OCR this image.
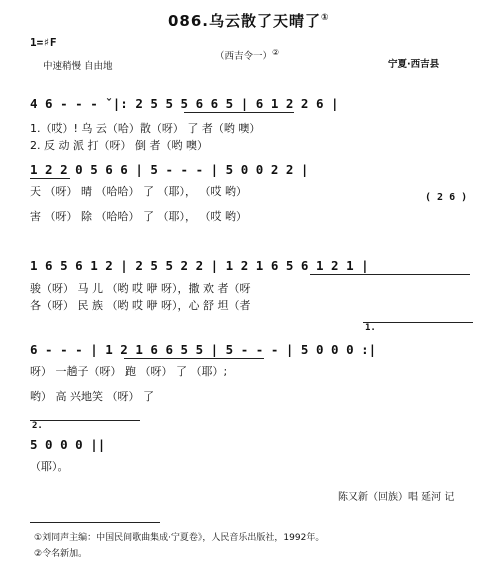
086.乌云散了天晴了①
1=♯F
（西吉令一）②
中速稍慢 自由地	宁夏·西吉县
4 6 - - - ˇ|: 2 5 5 5 6 6 5 | 6 1 2 2 6 |
1.（哎）! 乌 云（哈）散（呀） 了 者（哟 噢）
2. 反 动 派 打（呀） 倒 者（哟 噢）
1 2 2 0 5 6 6 | 5 - - - | 5 0 0 2 2 |
( 2 6 )
天 （呀） 晴 （哈哈） 了 （耶）， （哎 哟）
害 （呀） 除 （哈哈） 了 （耶）， （哎 哟）
1 6 5 6 1 2 | 2 5 5 2 2 | 1 2 1 6 5 6 1 2 1 |
骏（呀） 马 儿 （哟 哎 咿 呀），撒 欢 者（呀
各（呀） 民 族 （哟 哎 咿 呀），心 舒 坦（者
1.
6 - - - | 1 2 1 6 6 5 5 | 5 - - - | 5 0 0 0 :|
呀） 一趟子（呀） 跑 （呀） 了 （耶）;
哟） 高 兴地笑 （呀） 了
2.
5 0 0 0 ||
（耶）。
陈又新（回族）唱 延河 记
①刘同声主编：中国民间歌曲集成·宁夏卷》，人民音乐出版社，1992年。
②令名新加。
